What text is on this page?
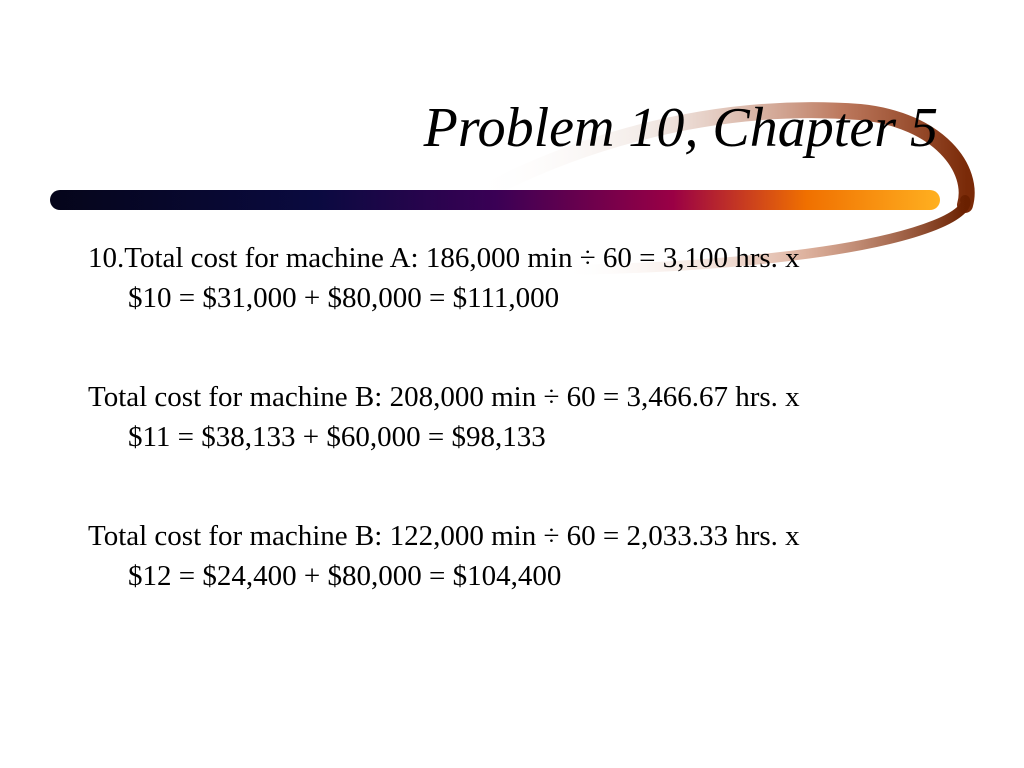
Problem 10, Chapter 5

10.Total cost for machine A: 186,000 min ÷ 60 = 3,100 hrs. x
$10 = $31,000 + $80,000 = $111,000

Total cost for machine B: 208,000 min ÷ 60 = 3,466.67 hrs. x
$11 = $38,133 + $60,000 = $98,133

Total cost for machine B: 122,000 min ÷ 60 = 2,033.33 hrs. x
$12 = $24,400 + $80,000 = $104,400
